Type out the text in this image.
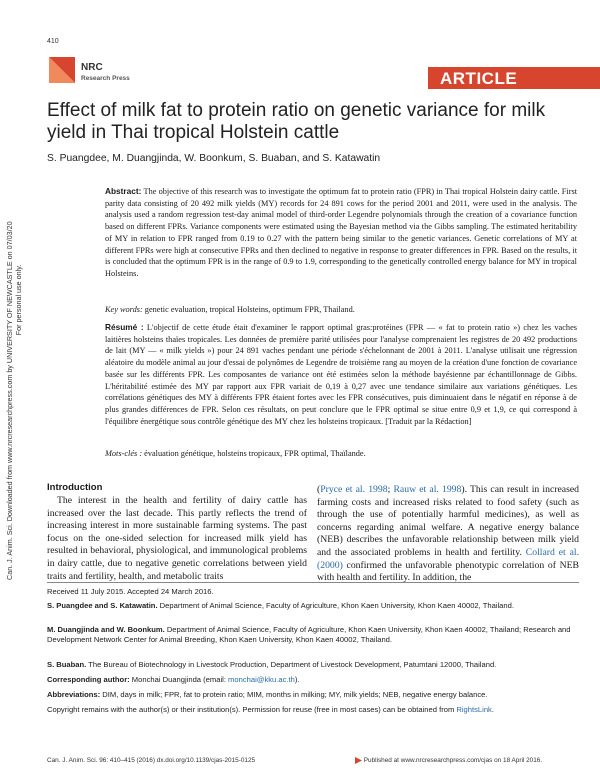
410
NRC
Research Press	ARTICLE
Can. J. Anim. Sci. Downloaded from www.nrcresearchpress.com by UNIVERSITY OF NEWCASTLE on 07/03/20 For personal use only.
Effect of milk fat to protein ratio on genetic variance for milk yield in Thai tropical Holstein cattle
S. Puangdee, M. Duangjinda, W. Boonkum, S. Buaban, and S. Katawatin
Abstract: The objective of this research was to investigate the optimum fat to protein ratio (FPR) in Thai tropical Holstein dairy cattle. First parity data consisting of 20 492 milk yields (MY) records for 24 891 cows for the period 2001 and 2011, were used in the analysis. The analysis used a random regression test-day animal model of third-order Legendre polynomials through the creation of a covariance function based on different FPRs. Variance components were estimated using the Bayesian method via the Gibbs sampling. The estimated heritability of MY in relation to FPR ranged from 0.19 to 0.27 with the pattern being similar to the genetic variances. Genetic correlations of MY at different FPRs were high at consecutive FPRs and then declined to negative in response to greater differences in FPR. Based on the results, it is concluded that the optimum FPR is in the range of 0.9 to 1.9, corresponding to the genetically controlled energy balance for MY in tropical Holsteins.
Key words: genetic evaluation, tropical Holsteins, optimum FPR, Thailand.
Résumé : L'objectif de cette étude était d'examiner le rapport optimal gras:protéines (FPR — « fat to protein ratio ») chez les vaches laitières holsteins thaïes tropicales. Les données de première parité utilisées pour l'analyse comprenaient les registres de 20 492 productions de lait (MY — « milk yields ») pour 24 891 vaches pendant une période s'échelonnant de 2001 à 2011. L'analyse utilisait une régression aléatoire du modèle animal au jour d'essai de polynômes de Legendre de troisième rang au moyen de la création d'une fonction de covariance basée sur les différents FPR. Les composantes de variance ont été estimées selon la méthode bayésienne par échantillonnage de Gibbs. L'héritabilité estimée des MY par rapport aux FPR variait de 0,19 à 0,27 avec une tendance similaire aux variations génétiques. Les corrélations génétiques des MY à différents FPR étaient fortes avec les FPR consécutives, puis diminuaient dans le négatif en réponse à de plus grandes différences de FPR. Selon ces résultats, on peut conclure que le FPR optimal se situe entre 0,9 et 1,9, ce qui correspond à l'équilibre énergétique sous contrôle génétique des MY chez les holsteins tropicaux. [Traduit par la Rédaction]
Mots-clés : évaluation génétique, holsteins tropicaux, FPR optimal, Thaïlande.
Introduction
The interest in the health and fertility of dairy cattle has increased over the last decade. This partly reflects the trend of increasing interest in more sustainable farming systems. The past focus on the one-sided selection for increased milk yield has resulted in behavioral, physiological, and immunological problems in dairy cattle, due to negative genetic correlations between yield traits and fertility, health, and metabolic traits
(Pryce et al. 1998; Rauw et al. 1998). This can result in increased farming costs and increased risks related to food safety (such as through the use of potentially harmful medicines), as well as concerns regarding animal welfare. A negative energy balance (NEB) describes the unfavorable relationship between milk yield and the associated problems in health and fertility. Collard et al. (2000) confirmed the unfavorable phenotypic correlation of NEB with health and fertility. In addition, the
Received 11 July 2015. Accepted 24 March 2016.
S. Puangdee and S. Katawatin. Department of Animal Science, Faculty of Agriculture, Khon Kaen University, Khon Kaen 40002, Thailand.
M. Duangjinda and W. Boonkum. Department of Animal Science, Faculty of Agriculture, Khon Kaen University, Khon Kaen 40002, Thailand; Research and Development Network Center for Animal Breeding, Khon Kaen University, Khon Kaen 40002, Thailand.
S. Buaban. The Bureau of Biotechnology in Livestock Production, Department of Livestock Development, Patumtani 12000, Thailand.
Corresponding author: Monchai Duangjinda (email: monchai@kku.ac.th).
Abbreviations: DIM, days in milk; FPR, fat to protein ratio; MIM, months in milking; MY, milk yields; NEB, negative energy balance.
Copyright remains with the author(s) or their institution(s). Permission for reuse (free in most cases) can be obtained from RightsLink.
Can. J. Anim. Sci. 96: 410–415 (2016) dx.doi.org/10.1139/cjas-2015-0125	Published at www.nrcresearchpress.com/cjas on 18 April 2016.
